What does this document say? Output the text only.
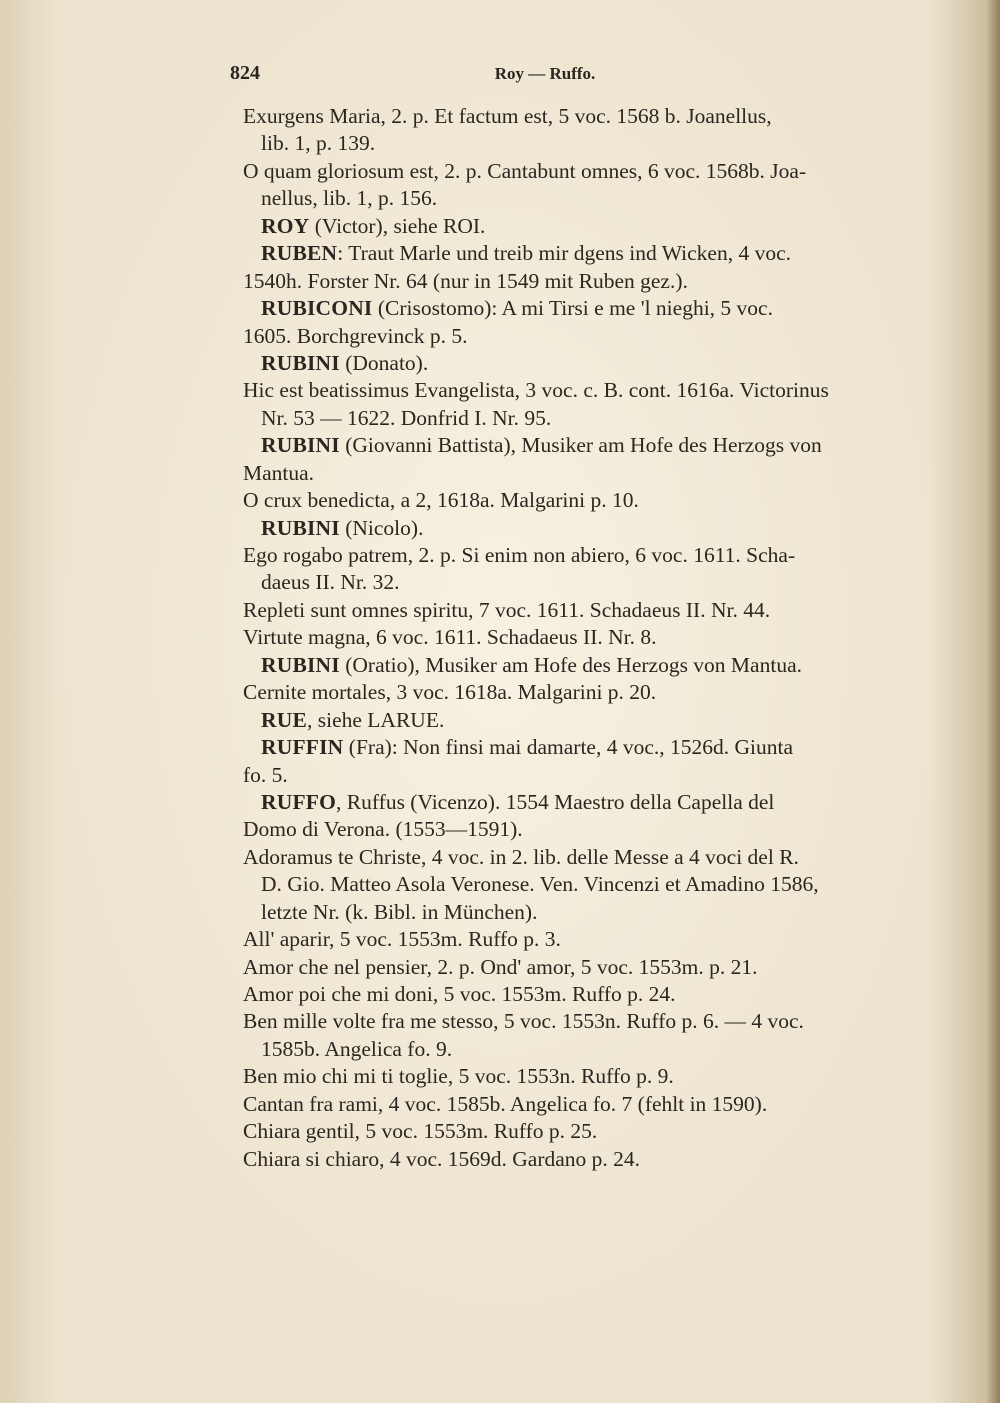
824	Roy — Ruffo.
Exurgens Maria, 2. p. Et factum est, 5 voc. 1568 b. Joanellus,
lib. 1, p. 139.
O quam gloriosum est, 2. p. Cantabunt omnes, 6 voc. 1568b. Joa-
nellus, lib. 1, p. 156.
ROY (Victor), siehe ROI.
RUBEN: Traut Marle und treib mir dgens ind Wicken, 4 voc.
1540h. Forster Nr. 64 (nur in 1549 mit Ruben gez.).
RUBICONI (Crisostomo): A mi Tirsi e me 'l nieghi, 5 voc.
1605. Borchgrevinck p. 5.
RUBINI (Donato).
Hic est beatissimus Evangelista, 3 voc. c. B. cont. 1616a. Victorinus
Nr. 53 — 1622. Donfrid I. Nr. 95.
RUBINI (Giovanni Battista), Musiker am Hofe des Herzogs von
Mantua.
O crux benedicta, a 2, 1618a. Malgarini p. 10.
RUBINI (Nicolo).
Ego rogabo patrem, 2. p. Si enim non abiero, 6 voc. 1611. Scha-
daeus II. Nr. 32.
Repleti sunt omnes spiritu, 7 voc. 1611. Schadaeus II. Nr. 44.
Virtute magna, 6 voc. 1611. Schadaeus II. Nr. 8.
RUBINI (Oratio), Musiker am Hofe des Herzogs von Mantua.
Cernite mortales, 3 voc. 1618a. Malgarini p. 20.
RUE, siehe LARUE.
RUFFIN (Fra): Non finsi mai damarte, 4 voc., 1526d. Giunta
fo. 5.
RUFFO, Ruffus (Vicenzo). 1554 Maestro della Capella del
Domo di Verona. (1553—1591).
Adoramus te Christe, 4 voc. in 2. lib. delle Messe a 4 voci del R.
D. Gio. Matteo Asola Veronese. Ven. Vincenzi et Amadino 1586,
letzte Nr. (k. Bibl. in München).
All' aparir, 5 voc. 1553m. Ruffo p. 3.
Amor che nel pensier, 2. p. Ond' amor, 5 voc. 1553m. p. 21.
Amor poi che mi doni, 5 voc. 1553m. Ruffo p. 24.
Ben mille volte fra me stesso, 5 voc. 1553n. Ruffo p. 6. — 4 voc.
1585b. Angelica fo. 9.
Ben mio chi mi ti toglie, 5 voc. 1553n. Ruffo p. 9.
Cantan fra rami, 4 voc. 1585b. Angelica fo. 7 (fehlt in 1590).
Chiara gentil, 5 voc. 1553m. Ruffo p. 25.
Chiara si chiaro, 4 voc. 1569d. Gardano p. 24.
